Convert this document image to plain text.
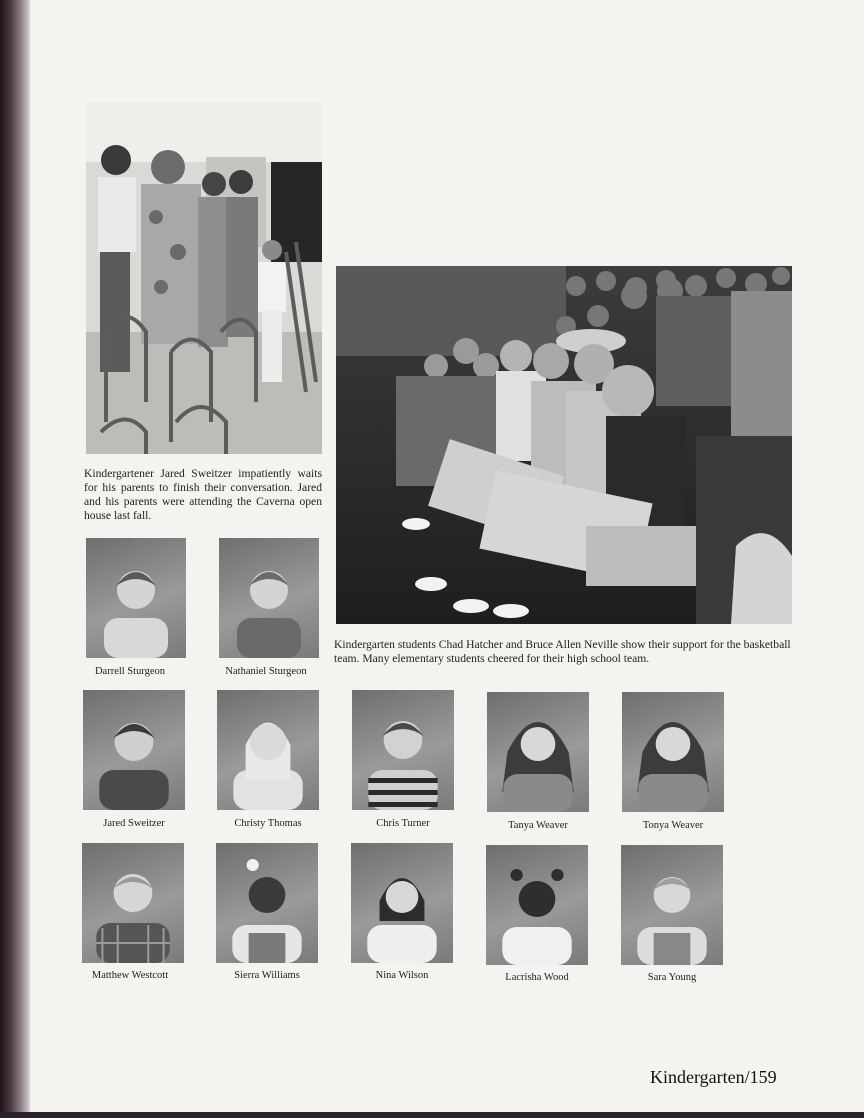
Kindergartener Jared Sweitzer impatiently waits for his parents to finish their conversation. Jared and his parents were attending the Caverna open house last fall.
Kindergarten students Chad Hatcher and Bruce Allen Neville show their support for the basketball team. Many elementary students cheered for their high school team.
Darrell Sturgeon	Nathaniel Sturgeon
Jared Sweitzer	Christy Thomas	Chris Turner	Tanya Weaver	Tonya Weaver
Matthew Westcott	Sierra Williams	Nina Wilson	Lacrisha Wood	Sara Young
Kindergarten/159
